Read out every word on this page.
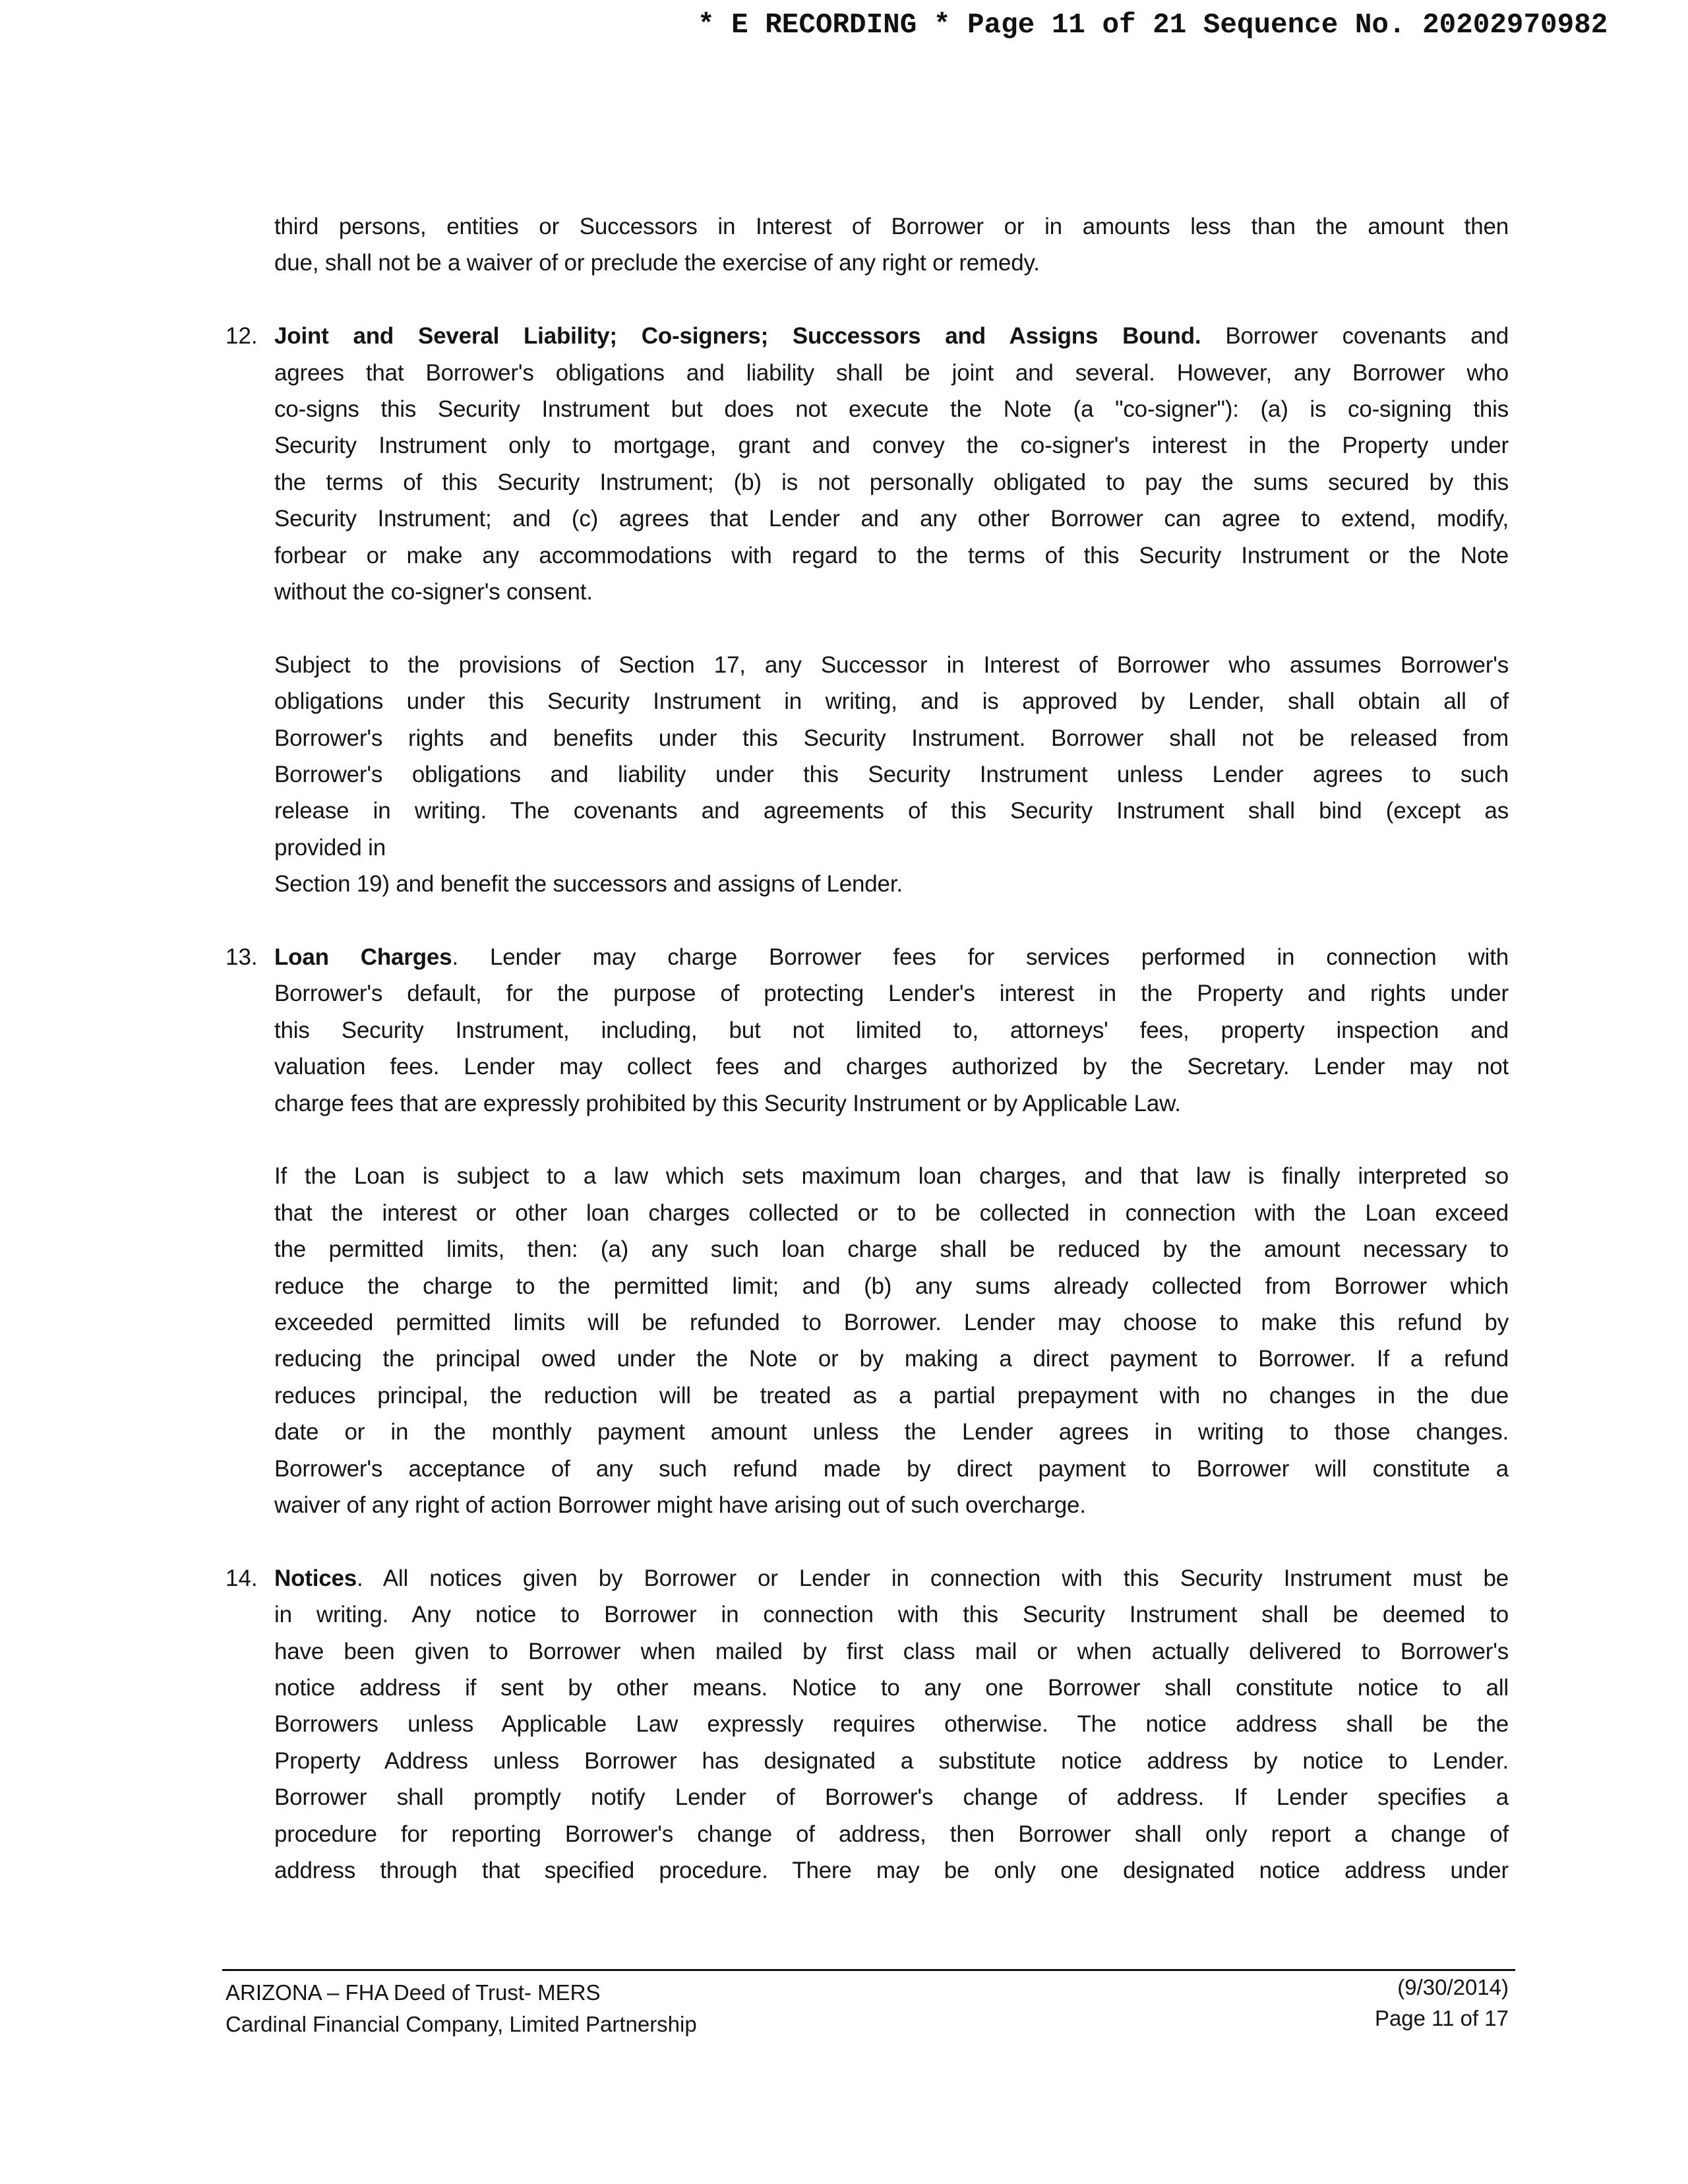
* E RECORDING * Page 11 of 21 Sequence No. 20202970982
third persons, entities or Successors in Interest of Borrower or in amounts less than the amount then
due, shall not be a waiver of or preclude the exercise of any right or remedy.
12. Joint and Several Liability; Co-signers; Successors and Assigns Bound. Borrower covenants and
agrees that Borrower's obligations and liability shall be joint and several. However, any Borrower who
co-signs this Security Instrument but does not execute the Note (a "co-signer"): (a) is co-signing this
Security Instrument only to mortgage, grant and convey the co-signer's interest in the Property under
the terms of this Security Instrument; (b) is not personally obligated to pay the sums secured by this
Security Instrument; and (c) agrees that Lender and any other Borrower can agree to extend, modify,
forbear or make any accommodations with regard to the terms of this Security Instrument or the Note
without the co-signer's consent.
Subject to the provisions of Section 17, any Successor in Interest of Borrower who assumes Borrower's
obligations under this Security Instrument in writing, and is approved by Lender, shall obtain all of
Borrower's rights and benefits under this Security Instrument. Borrower shall not be released from
Borrower's obligations and liability under this Security Instrument unless Lender agrees to such
release in writing. The covenants and agreements of this Security Instrument shall bind (except as
provided in
Section 19) and benefit the successors and assigns of Lender.
13. Loan Charges. Lender may charge Borrower fees for services performed in connection with
Borrower's default, for the purpose of protecting Lender's interest in the Property and rights under
this Security Instrument, including, but not limited to, attorneys' fees, property inspection and
valuation fees. Lender may collect fees and charges authorized by the Secretary. Lender may not
charge fees that are expressly prohibited by this Security Instrument or by Applicable Law.
If the Loan is subject to a law which sets maximum loan charges, and that law is finally interpreted so
that the interest or other loan charges collected or to be collected in connection with the Loan exceed
the permitted limits, then: (a) any such loan charge shall be reduced by the amount necessary to
reduce the charge to the permitted limit; and (b) any sums already collected from Borrower which
exceeded permitted limits will be refunded to Borrower. Lender may choose to make this refund by
reducing the principal owed under the Note or by making a direct payment to Borrower. If a refund
reduces principal, the reduction will be treated as a partial prepayment with no changes in the due
date or in the monthly payment amount unless the Lender agrees in writing to those changes.
Borrower's acceptance of any such refund made by direct payment to Borrower will constitute a
waiver of any right of action Borrower might have arising out of such overcharge.
14. Notices. All notices given by Borrower or Lender in connection with this Security Instrument must be
in writing. Any notice to Borrower in connection with this Security Instrument shall be deemed to
have been given to Borrower when mailed by first class mail or when actually delivered to Borrower's
notice address if sent by other means. Notice to any one Borrower shall constitute notice to all
Borrowers unless Applicable Law expressly requires otherwise. The notice address shall be the
Property Address unless Borrower has designated a substitute notice address by notice to Lender.
Borrower shall promptly notify Lender of Borrower's change of address. If Lender specifies a
procedure for reporting Borrower's change of address, then Borrower shall only report a change of
address through that specified procedure. There may be only one designated notice address under
ARIZONA – FHA Deed of Trust- MERS
Cardinal Financial Company, Limited Partnership
(9/30/2014)
Page 11 of 17
